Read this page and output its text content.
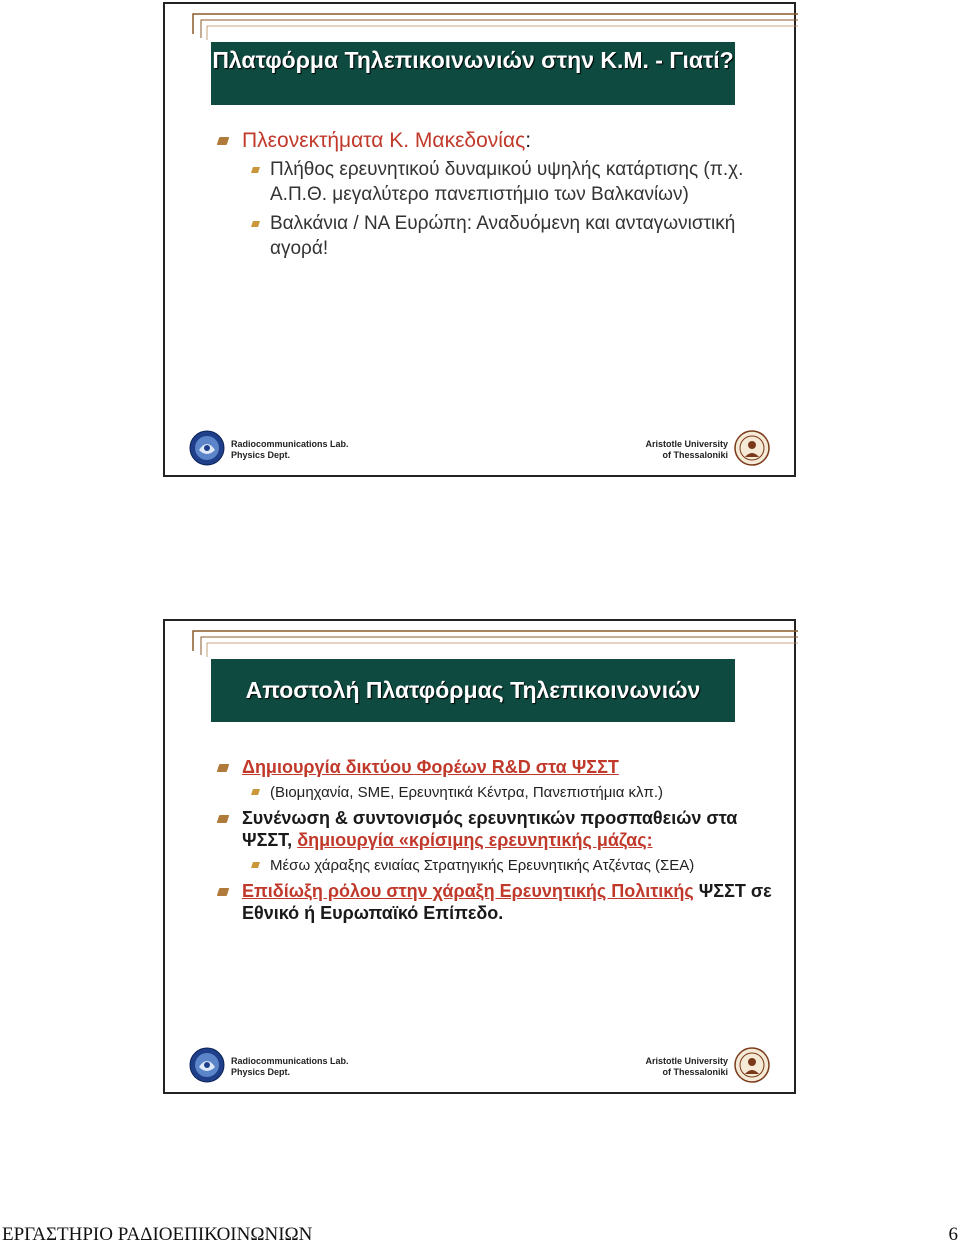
Πλατφόρμα Τηλεπικοινωνιών στην Κ.Μ. - Γιατί?
Πλεονεκτήματα Κ. Μακεδονίας:
Πλήθος ερευνητικού δυναμικού υψηλής κατάρτισης (π.χ. Α.Π.Θ. μεγαλύτερο πανεπιστήμιο των Βαλκανίων)
Βαλκάνια / ΝΑ Ευρώπη: Αναδυόμενη και ανταγωνιστική αγορά!
Radiocommunications Lab.
Physics Dept.
Aristotle University
of Thessaloniki
Αποστολή Πλατφόρμας Τηλεπικοινωνιών
Δημιουργία δικτύου Φορέων R&D στα ΨΣΣΤ
(Βιομηχανία, SME, Ερευνητικά Κέντρα, Πανεπιστήμια κλπ.)
Συνένωση & συντονισμός ερευνητικών προσπαθειών στα ΨΣΣΤ, δημιουργία «κρίσιμης ερευνητικής μάζας:
Μέσω χάραξης ενιαίας Στρατηγικής Ερευνητικής Ατζέντας (ΣΕΑ)
Επιδίωξη ρόλου στην χάραξη Ερευνητικής Πολιτικής ΨΣΣΤ σε Εθνικό ή Ευρωπαϊκό Επίπεδο.
Radiocommunications Lab.
Physics Dept.
Aristotle University
of Thessaloniki
ΕΡΓΑΣΤΗΡΙΟ ΡΑΔΙΟΕΠΙΚΟΙΝΩΝΙΩΝ	6
